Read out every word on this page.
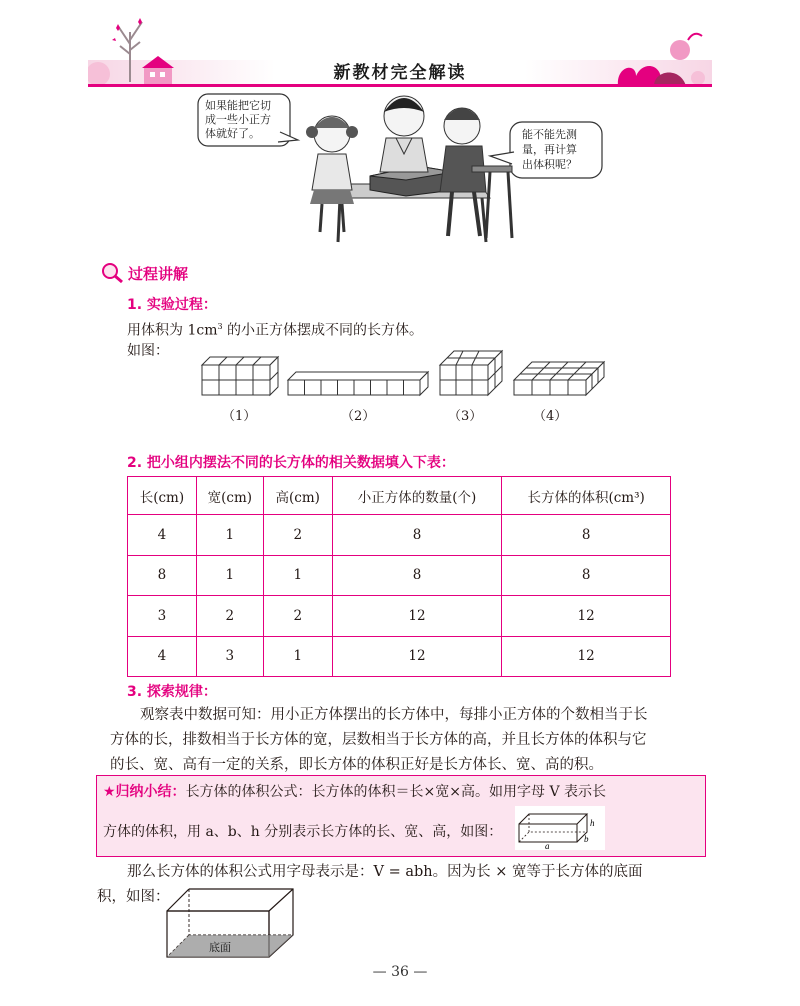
新教材完全解读
如果能把它切 成一些小正方 体就好了。	能不能先测 量，再计算 出体积呢？
过程讲解
1. 实验过程：
用体积为 $1cm^3$ 的小正方体摆成不同的长方体。
如图：
（1）	（2）	（3）	（4）
2. 把小组内摆法不同的长方体的相关数据填入下表：
长(cm)	宽(cm)	高(cm)	小正方体的数量(个)	长方体的体积(cm³)
4	1	2	8	8
8	1	1	8	8
3	2	2	12	12
4	3	1	12	12
3. 探索规律：
观察表中数据可知：用小正方体摆出的长方体中，每排小正方体的个数相当于长
方体的长，排数相当于长方体的宽，层数相当于长方体的高，并且长方体的体积与它
的长、宽、高有一定的关系，即长方体的体积正好是长方体长、宽、高的积。
★归纳小结：长方体的体积公式：长方体的体积＝长×宽×高。如用字母 V 表示长
方体的体积，用 a、b、h 分别表示长方体的长、宽、高，如图：
a
b
h
那么长方体的体积公式用字母表示是：V = abh。因为长 × 宽等于长方体的底面
积，如图：
底面
— 36 —
